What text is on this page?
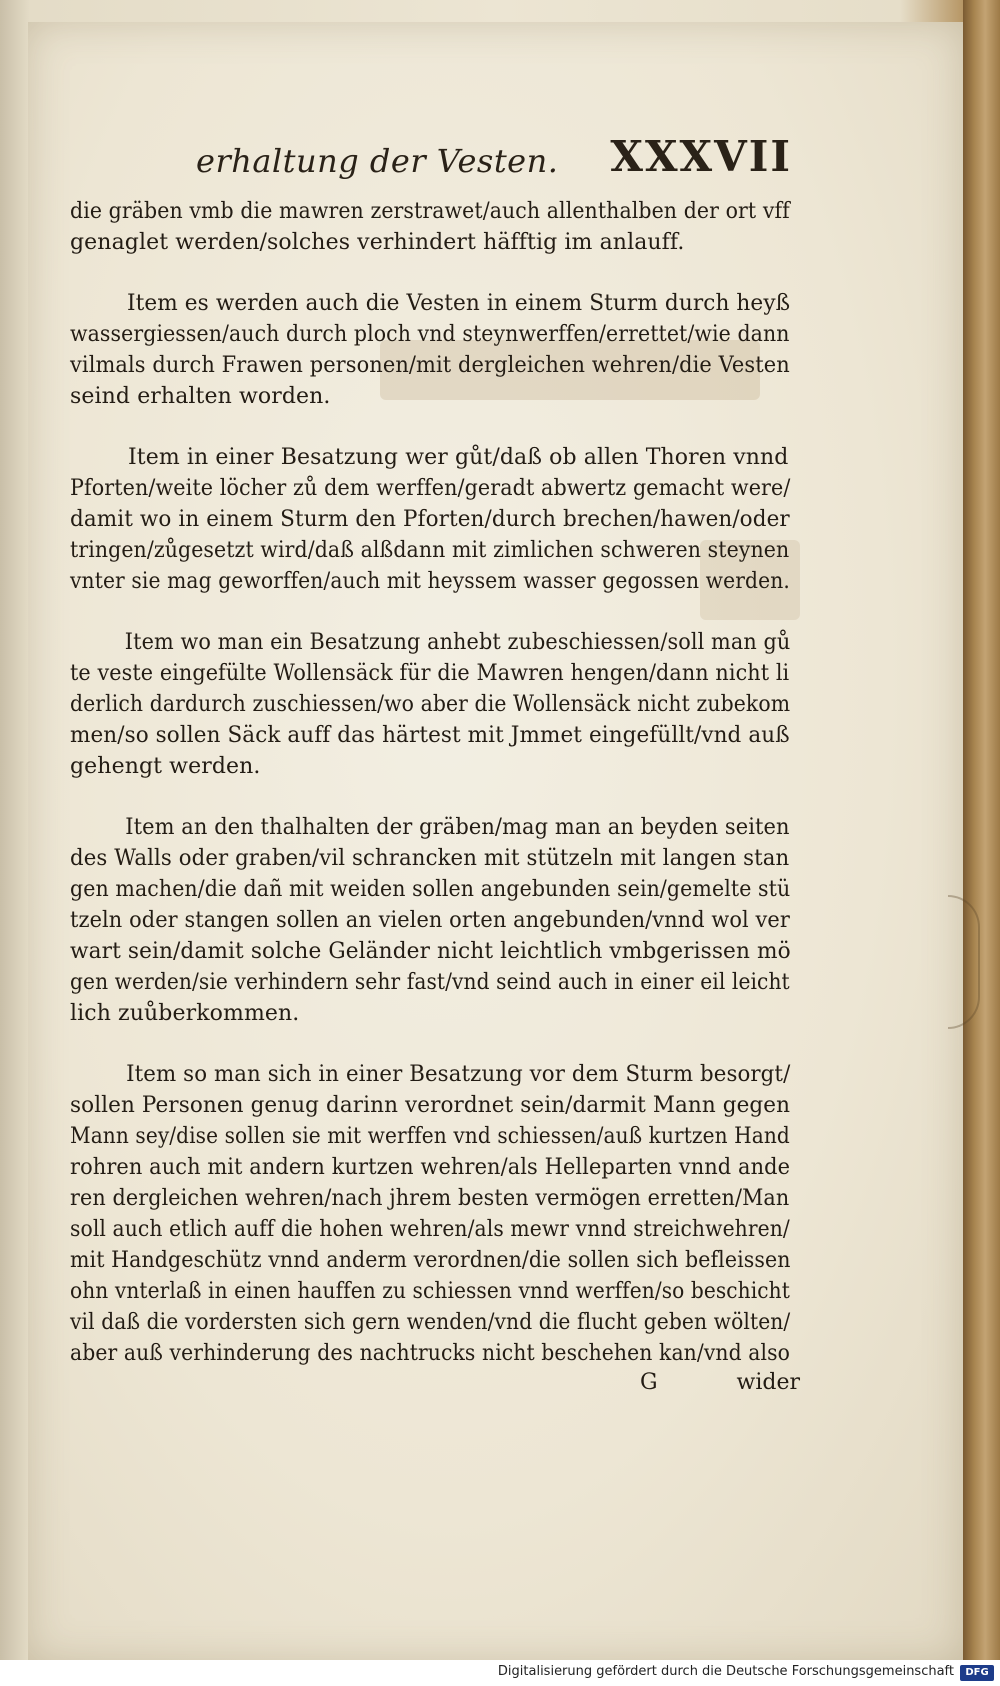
erhaltung der Vesten. XXXVII
die gräben vmb die mawren zerstrawet/auch allenthalben der ort vff
genaglet werden/solches verhindert häfftig im anlauff.
Item es werden auch die Vesten in einem Sturm durch heyß
wassergiessen/auch durch ploch vnd steynwerffen/errettet/wie dann
vilmals durch Frawen personen/mit dergleichen wehren/die Vesten
seind erhalten worden.
Item in einer Besatzung wer gůt/daß ob allen Thoren vnnd
Pforten/weite löcher zů dem werffen/geradt abwertz gemacht were/
damit wo in einem Sturm den Pforten/durch brechen/hawen/oder
tringen/zůgesetzt wird/daß alßdann mit zimlichen schweren steynen
vnter sie mag geworffen/auch mit heyssem wasser gegossen werden.
Item wo man ein Besatzung anhebt zubeschiessen/soll man gů
te veste eingefülte Wollensäck für die Mawren hengen/dann nicht li
derlich dardurch zuschiessen/wo aber die Wollensäck nicht zubekom
men/so sollen Säck auff das härtest mit Jmmet eingefüllt/vnd auß
gehengt werden.
Item an den thalhalten der gräben/mag man an beyden seiten
des Walls oder graben/vil schrancken mit stützeln mit langen stan
gen machen/die dañ mit weiden sollen angebunden sein/gemelte stü
tzeln oder stangen sollen an vielen orten angebunden/vnnd wol ver
wart sein/damit solche Geländer nicht leichtlich vmbgerissen mö
gen werden/sie verhindern sehr fast/vnd seind auch in einer eil leicht
lich zuůberkommen.
Item so man sich in einer Besatzung vor dem Sturm besorgt/
sollen Personen genug darinn verordnet sein/darmit Mann gegen
Mann sey/dise sollen sie mit werffen vnd schiessen/auß kurtzen Hand
rohren auch mit andern kurtzen wehren/als Helleparten vnnd ande
ren dergleichen wehren/nach jhrem besten vermögen erretten/Man
soll auch etlich auff die hohen wehren/als mewr vnnd streichwehren/
mit Handgeschütz vnnd anderm verordnen/die sollen sich befleissen
ohn vnterlaß in einen hauffen zu schiessen vnnd werffen/so beschicht
vil daß die vordersten sich gern wenden/vnd die flucht geben wölten/
aber auß verhinderung des nachtrucks nicht beschehen kan/vnd also
G	wider
Digitalisierung gefördert durch die Deutsche Forschungsgemeinschaft	DFG
